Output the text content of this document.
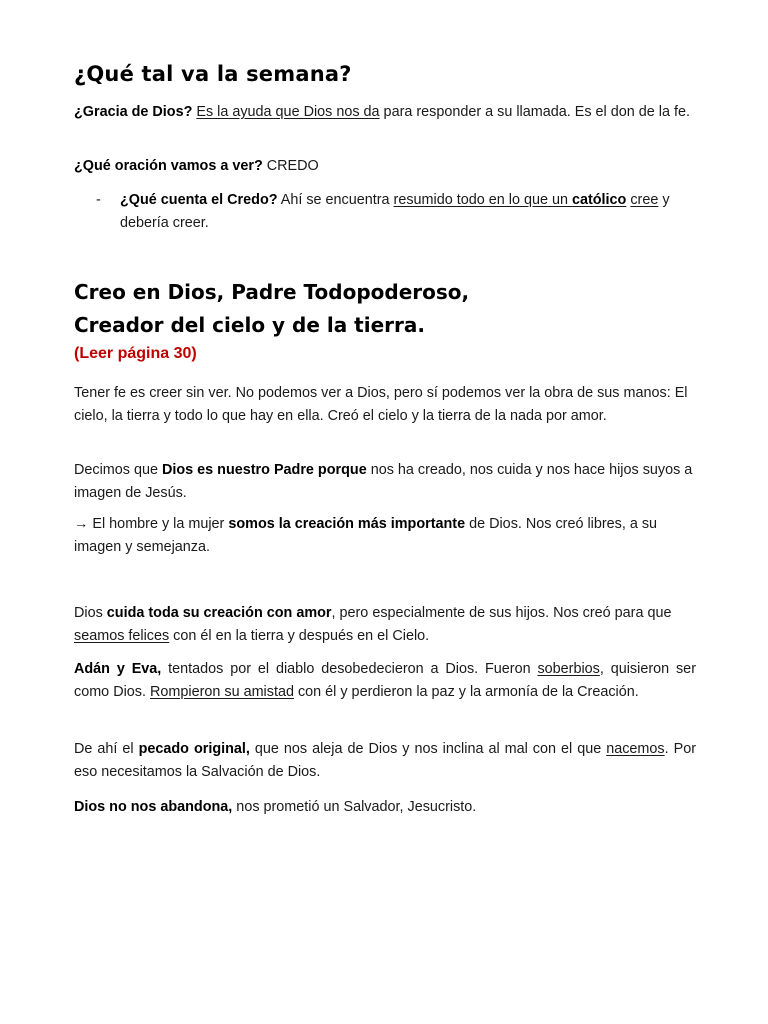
¿Qué tal va la semana?

¿Gracia de Dios? Es la ayuda que Dios nos da para responder a su llamada. Es el don de la fe.

¿Qué oración vamos a ver? CREDO

- ¿Qué cuenta el Credo? Ahí se encuentra resumido todo en lo que un católico cree y debería creer.
Creo en Dios, Padre Todopoderoso,
Creador del cielo y de la tierra.

(Leer página 30)

Tener fe es creer sin ver. No podemos ver a Dios, pero sí podemos ver la obra de sus manos: El cielo, la tierra y todo lo que hay en ella. Creó el cielo y la tierra de la nada por amor.

Decimos que Dios es nuestro Padre porque nos ha creado, nos cuida y nos hace hijos suyos a imagen de Jesús.

→ El hombre y la mujer somos la creación más importante de Dios. Nos creó libres, a su imagen y semejanza.

Dios cuida toda su creación con amor, pero especialmente de sus hijos. Nos creó para que seamos felices con él en la tierra y después en el Cielo.

Adán y Eva, tentados por el diablo desobedecieron a Dios. Fueron soberbios, quisieron ser como Dios. Rompieron su amistad con él y perdieron la paz y la armonía de la Creación.

De ahí el pecado original, que nos aleja de Dios y nos inclina al mal con el que nacemos. Por eso necesitamos la Salvación de Dios.

Dios no nos abandona, nos prometió un Salvador, Jesucristo.
